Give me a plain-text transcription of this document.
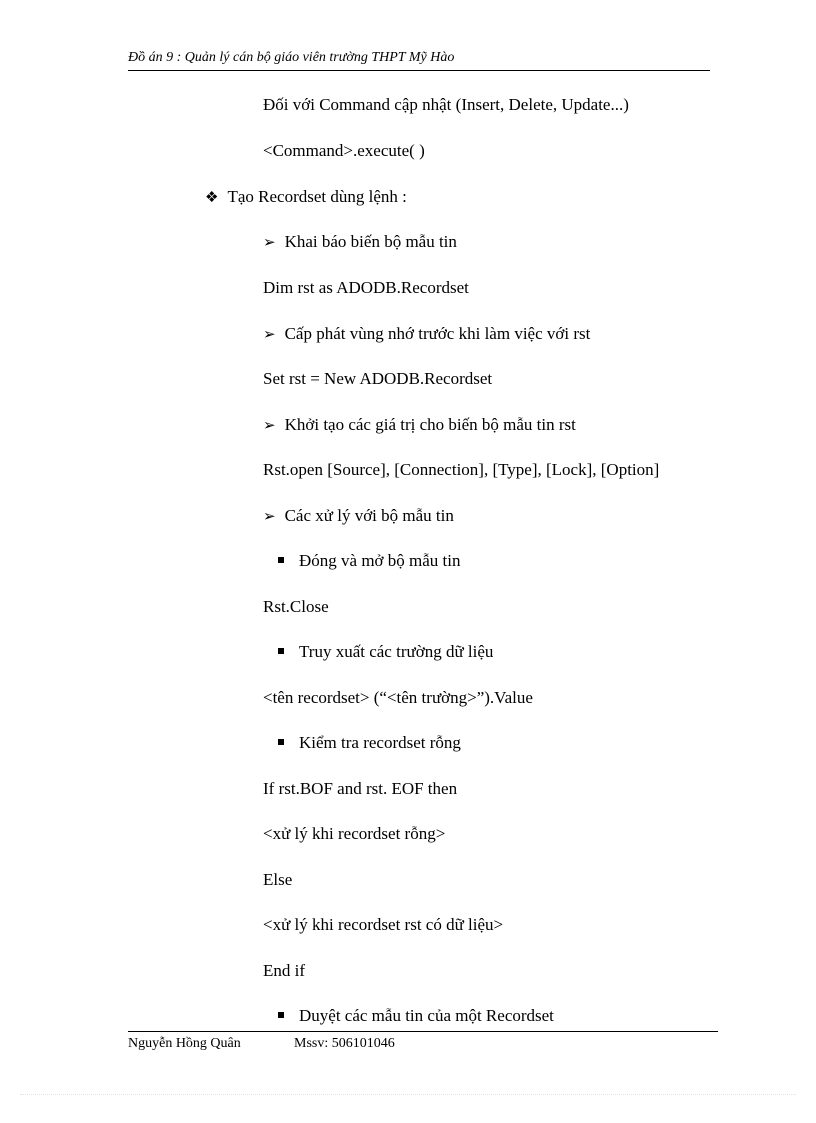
Đồ án 9 : Quản lý cán bộ giáo viên trường THPT Mỹ Hào
Đối với Command cập nhật (Insert, Delete, Update...)
<Command>.execute( )
❖ Tạo Recordset dùng lệnh :
➢ Khai báo biến bộ mẫu tin
Dim rst as ADODB.Recordset
➢ Cấp phát vùng nhớ trước khi làm việc với rst
Set rst = New ADODB.Recordset
➢ Khởi tạo các giá trị cho biến bộ mẫu tin rst
Rst.open [Source], [Connection], [Type], [Lock], [Option]
➢ Các xử lý với bộ mẫu tin
Đóng và mở bộ mẫu tin
Rst.Close
Truy xuất các trường dữ liệu
<tên recordset> (“<tên trường>”).Value
Kiểm tra recordset rỗng
If rst.BOF and rst. EOF then
<xử lý khi recordset rỗng>
Else
<xử lý khi recordset rst có dữ liệu>
End if
Duyệt các mẫu tin của một Recordset
Nguyễn Hồng Quân	Mssv: 506101046
